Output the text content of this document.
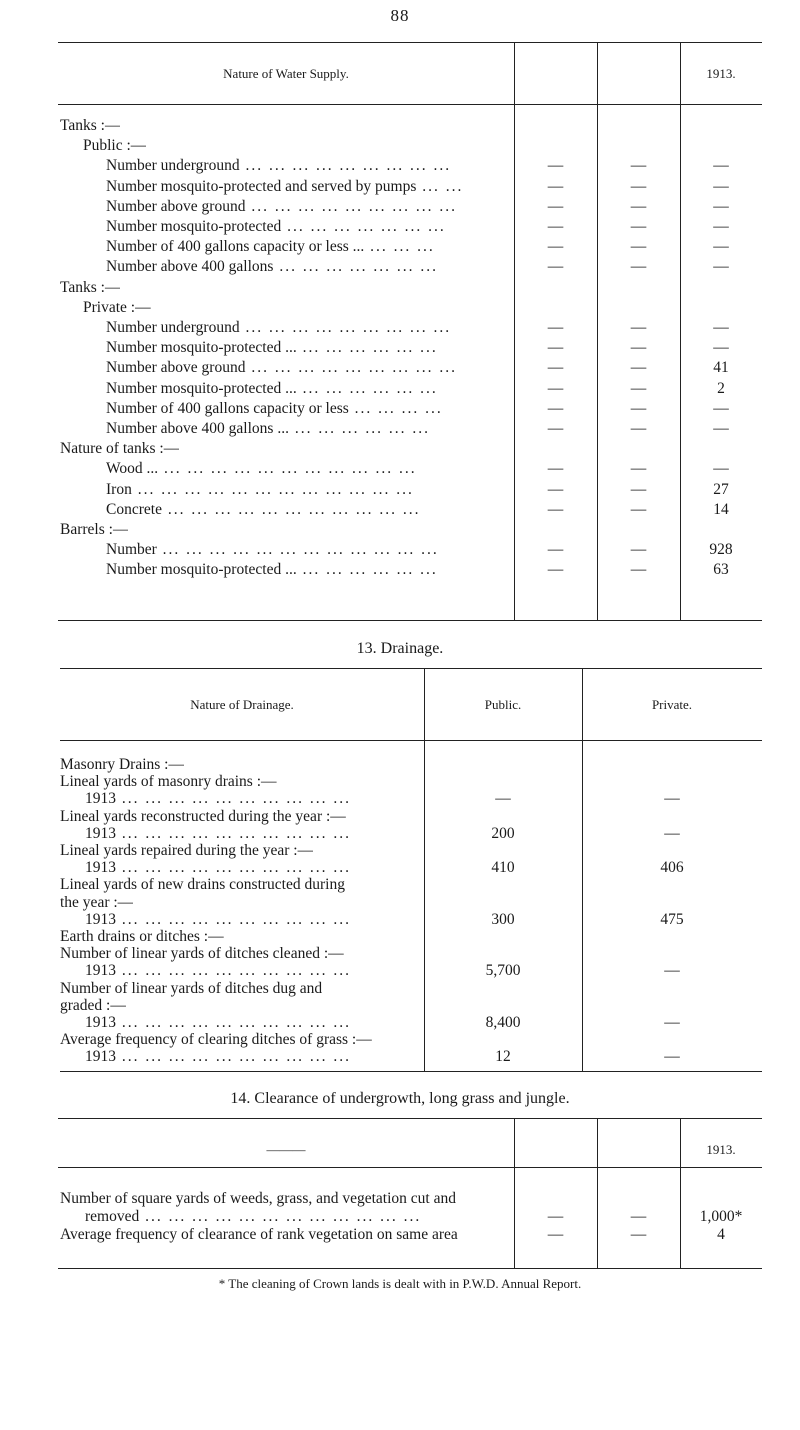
88
Nature of Water Supply.	1913.
Tanks :—
Public :—
Number underground ... ... ... ... ... ... ... ... ...	—	—	—
Number mosquito-protected and served by pumps ... ...	—	—	—
Number above ground ... ... ... ... ... ... ... ... ...	—	—	—
Number mosquito-protected ... ... ... ... ... ... ...	—	—	—
Number of 400 gallons capacity or less ... ... ... ...	—	—	—
Number above 400 gallons ... ... ... ... ... ... ...	—	—	—
Tanks :—
Private :—
Number underground ... ... ... ... ... ... ... ... ...	—	—	—
Number mosquito-protected ... ... ... ... ... ... ...	—	—	—
Number above ground ... ... ... ... ... ... ... ... ...	—	—	41
Number mosquito-protected ... ... ... ... ... ... ...	—	—	2
Number of 400 gallons capacity or less ... ... ... ...	—	—	—
Number above 400 gallons ... ... ... ... ... ... ...	—	—	—
Nature of tanks :—
Wood ... ... ... ... ... ... ... ... ... ... ... ...	—	—	—
Iron ... ... ... ... ... ... ... ... ... ... ... ...	—	—	27
Concrete ... ... ... ... ... ... ... ... ... ... ...	—	—	14
Barrels :—
Number ... ... ... ... ... ... ... ... ... ... ... ...	—	—	928
Number mosquito-protected ... ... ... ... ... ... ...	—	—	63
13. Drainage.
Nature of Drainage.	Public.	Private.
Masonry Drains :—
Lineal yards of masonry drains :—
1913 ... ... ... ... ... ... ... ... ... ...	—	—
Lineal yards reconstructed during the year :—
1913 ... ... ... ... ... ... ... ... ... ...	200	—
Lineal yards repaired during the year :—
1913 ... ... ... ... ... ... ... ... ... ...	410	406
Lineal yards of new drains constructed during
the year :—
1913 ... ... ... ... ... ... ... ... ... ...	300	475
Earth drains or ditches :—
Number of linear yards of ditches cleaned :—
1913 ... ... ... ... ... ... ... ... ... ...	5,700	—
Number of linear yards of ditches dug and
graded :—
1913 ... ... ... ... ... ... ... ... ... ...	8,400	—
Average frequency of clearing ditches of grass :—
1913 ... ... ... ... ... ... ... ... ... ...	12	—
14. Clearance of undergrowth, long grass and jungle.
———	1913.
Number of square yards of weeds, grass, and vegetation cut and
removed ... ... ... ... ... ... ... ... ... ... ... ...	—	—	1,000*
Average frequency of clearance of rank vegetation on same area	—	—	4
* The cleaning of Crown lands is dealt with in P.W.D. Annual Report.
